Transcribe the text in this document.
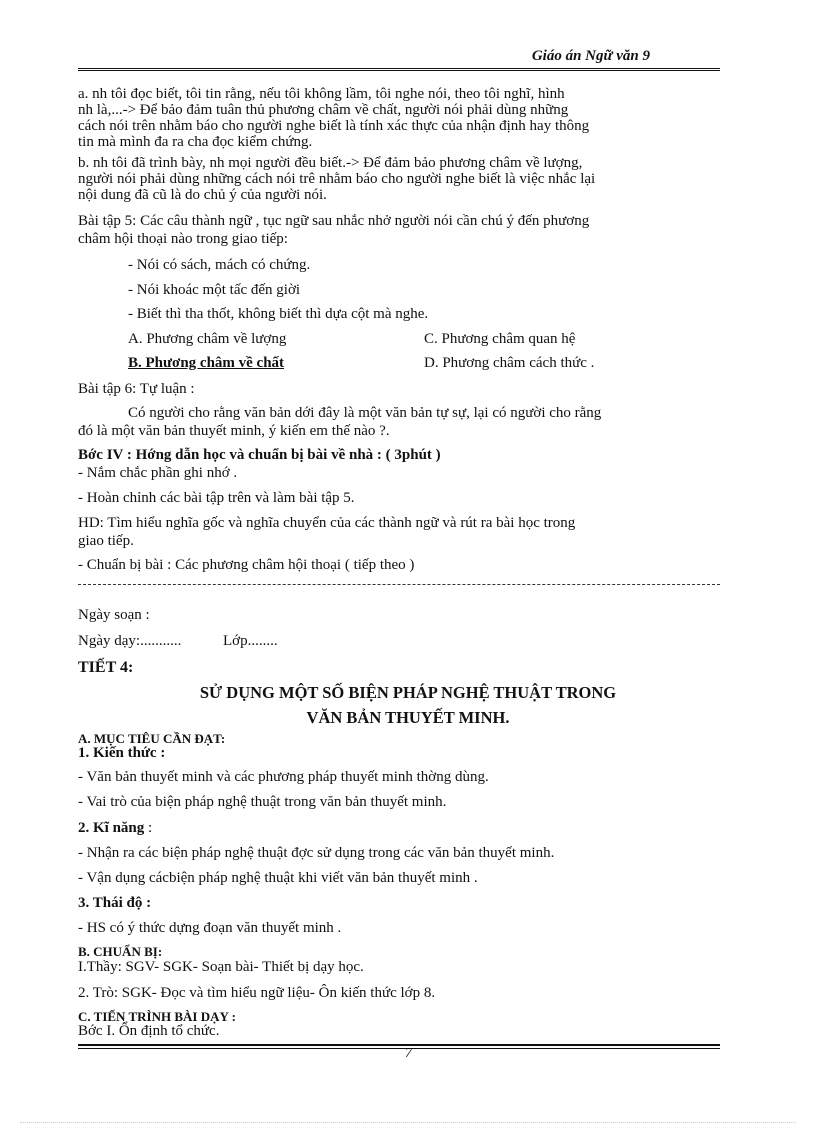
Giáo án Ngữ văn 9
a. nh tôi đọc biết, tôi tin rằng, nếu tôi không lầm, tôi nghe nói, theo tôi nghĩ, hình
nh là,...-> Để bảo đảm tuân thủ phương châm về chất, người nói phải dùng những
cách nói trên nhằm báo cho người nghe biết là tính xác thực của nhận định hay thông
tin mà mình đa ra cha đọc kiểm chứng.
b. nh tôi đã trình bày, nh mọi người đều biết.-> Để đảm bảo phương châm về lượng,
người nói phải dùng những cách nói trê nhằm báo cho người nghe biết là việc nhắc lại
nội dung đã cũ là do chủ ý của người nói.
Bài tập 5: Các câu thành ngữ , tục ngữ sau nhắc nhở người nói cần chú ý đến phương
châm hội thoại nào trong giao tiếp:
- Nói có sách, mách có chứng.
- Nói khoác một tấc đến giời
- Biết thì tha thốt, không biết thì dựa cột mà nghe.
A. Phương châm về lượng	C. Phương châm quan hệ
B. Phương châm về chất	D. Phương châm cách thức .
Bài tập 6: Tự luận :
Có người cho rằng văn bản dới đây là một văn bản tự sự, lại có người cho rằng
đó là một văn bản thuyết minh, ý kiến em thế nào ?.
Bớc IV : Hớng dẫn học và chuẩn bị bài về nhà : ( 3phút )
- Nắm chắc phần ghi nhớ .
- Hoàn chỉnh các bài tập trên và làm bài tập 5.
HD: Tìm hiểu nghĩa gốc và nghĩa chuyển của các thành ngữ và rút ra bài học trong
giao tiếp.
- Chuẩn bị bài : Các phương châm hội thoại ( tiếp theo )
Ngày soạn :
Ngày dạy:...........	Lớp........
TIẾT 4:
SỬ DỤNG MỘT SỐ BIỆN PHÁP NGHỆ THUẬT TRONG
VĂN BẢN THUYẾT MINH.
A. MỤC TIÊU CẦN ĐẠT:
1. Kiến thức :
- Văn bản thuyết minh và các phương pháp thuyết minh thờng dùng.
- Vai trò của biện pháp nghệ thuật trong văn bản thuyết minh.
2. Kĩ năng :
- Nhận ra các biện pháp nghệ thuật đợc sử dụng trong các văn bản thuyết minh.
- Vận dụng cácbiện pháp nghệ thuật khi viết văn bản thuyết minh .
3. Thái độ :
- HS có ý thức dựng đoạn văn thuyết minh .
B. CHUẨN BỊ:
I.Thầy: SGV- SGK- Soạn bài- Thiết bị dạy học.
2. Trò: SGK- Đọc và tìm hiểu ngữ liệu- Ôn kiến thức lớp 8.
C. TIẾN TRÌNH BÀI DẠY :
Bớc I. Ổn định tổ chức.
7
